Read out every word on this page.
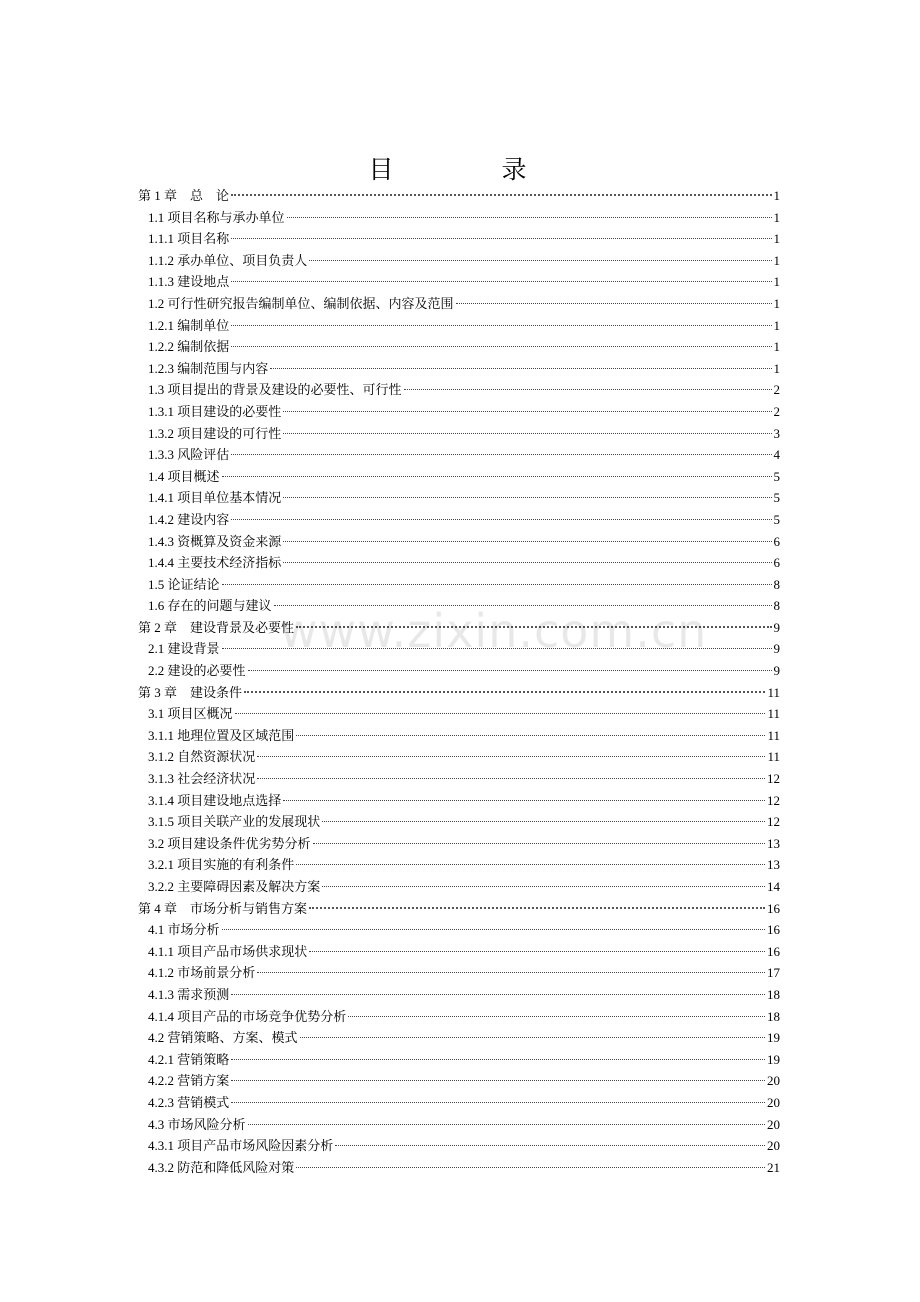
目 录
第 1 章　总　论	1
1.1 项目名称与承办单位	1
1.1.1 项目名称	1
1.1.2 承办单位、项目负责人	1
1.1.3 建设地点	1
1.2 可行性研究报告编制单位、编制依据、内容及范围	1
1.2.1 编制单位	1
1.2.2 编制依据	1
1.2.3 编制范围与内容	1
1.3 项目提出的背景及建设的必要性、可行性	2
1.3.1 项目建设的必要性	2
1.3.2 项目建设的可行性	3
1.3.3 风险评估	4
1.4 项目概述	5
1.4.1 项目单位基本情况	5
1.4.2 建设内容	5
1.4.3 资概算及资金来源	6
1.4.4 主要技术经济指标	6
1.5 论证结论	8
1.6 存在的问题与建议	8
第 2 章　建设背景及必要性	9
2.1 建设背景	9
2.2 建设的必要性	9
第 3 章　建设条件	11
3.1 项目区概况	11
3.1.1 地理位置及区域范围	11
3.1.2 自然资源状况	11
3.1.3 社会经济状况	12
3.1.4 项目建设地点选择	12
3.1.5 项目关联产业的发展现状	12
3.2 项目建设条件优劣势分析	13
3.2.1 项目实施的有利条件	13
3.2.2 主要障碍因素及解决方案	14
第 4 章　市场分析与销售方案	16
4.1 市场分析	16
4.1.1 项目产品市场供求现状	16
4.1.2 市场前景分析	17
4.1.3 需求预测	18
4.1.4 项目产品的市场竞争优势分析	18
4.2 营销策略、方案、模式	19
4.2.1 营销策略	19
4.2.2 营销方案	20
4.2.3 营销模式	20
4.3 市场风险分析	20
4.3.1 项目产品市场风险因素分析	20
4.3.2 防范和降低风险对策	21
www.zixin.com.cn
